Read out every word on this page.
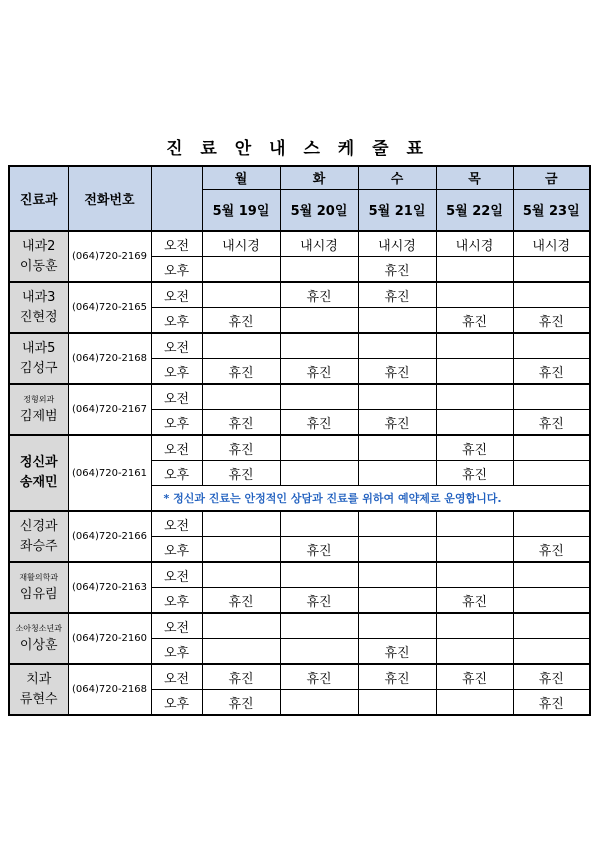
진 료 안 내 스 케 줄 표
진료과	전화번호		월	화	수	목	금
			5월 19일	5월 20일	5월 21일	5월 22일	5월 23일

내과2
이동훈	(064)720-2169	오전	내시경	내시경	내시경	내시경	내시경
		오후			휴진		

내과3
진현정	(064)720-2165	오전		휴진	휴진		
		오후	휴진			휴진	휴진

내과5
김성구	(064)720-2168	오전					
		오후	휴진	휴진	휴진		휴진

정형외과
김제범	(064)720-2167	오전					
		오후	휴진	휴진	휴진		휴진

정신과
송재민	(064)720-2161	오전	휴진			휴진	
		오후	휴진			휴진	
		* 정신과 진료는 안정적인 상담과 진료를 위하여 예약제로 운영합니다.					

신경과
좌승주	(064)720-2166	오전					
		오후		휴진			휴진

재활의학과
임유림	(064)720-2163	오전					
		오후	휴진	휴진		휴진	

소아청소년과
이상훈	(064)720-2160	오전					
		오후			휴진		

치과
류현수	(064)720-2168	오전	휴진	휴진	휴진	휴진	휴진
		오후	휴진				휴진
